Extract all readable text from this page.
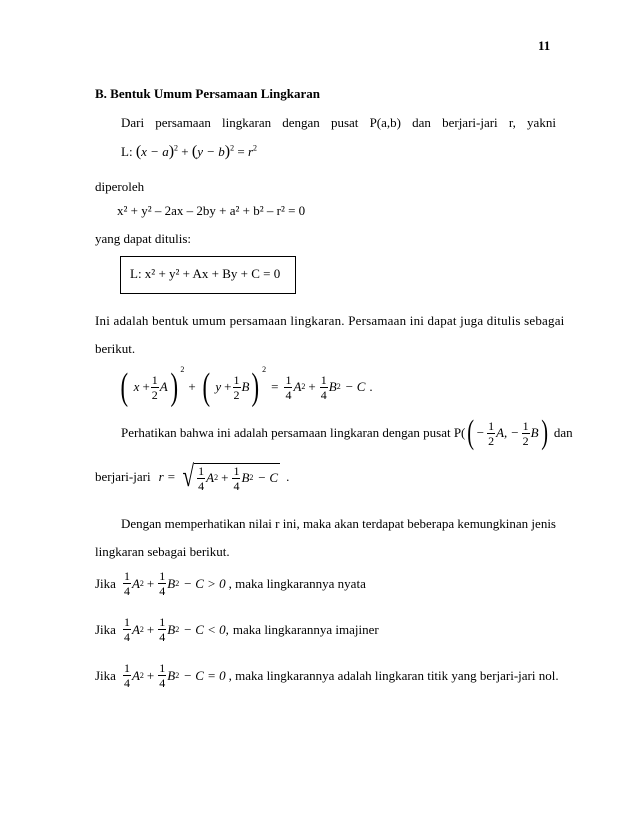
11
B. Bentuk Umum Persamaan Lingkaran
Dari persamaan lingkaran dengan pusat P(a,b) dan berjari-jari r, yakni
L: $(x - a)^2 + (y - b)^2 = r^2$
diperoleh
x² + y² – 2ax – 2by + a² + b² – r² = 0
yang dapat ditulis:
L: x² + y² + Ax + By + C = 0
Ini adalah bentuk umum persamaan lingkaran. Persamaan ini dapat juga ditulis sebagai
berikut.
( $x + \frac{1}{2}$ A ) 2
+ ( $y + \frac{1}{2}$ B ) 2
= $\frac{1}{4}$ A $2 + \frac{1}{4}$ B 2 − C .
Perhatikan bahwa ini adalah persamaan lingkaran dengan pusat P( ( − $\frac{1}{2} A$, − $\frac{1}{2}$ B ) dan
berjari-jari r = √ $\frac{1}{4}$ A $2 + \frac{1}{4}$ B 2 − C .
Dengan memperhatikan nilai r ini, maka akan terdapat beberapa kemungkinan jenis
lingkaran sebagai berikut.
Jika $\frac{1}{4}$ A $2 + \frac{1}{4}$ B 2 − C > 0 , maka lingkarannya nyata
Jika $\frac{1}{4}$ A $2 + \frac{1}{4}$ B 2 − C < 0, maka lingkarannya imajiner
Jika $\frac{1}{4}$ A $2 + \frac{1}{4}$ B 2 − C = 0 , maka lingkarannya adalah lingkaran titik yang berjari-jari nol.
